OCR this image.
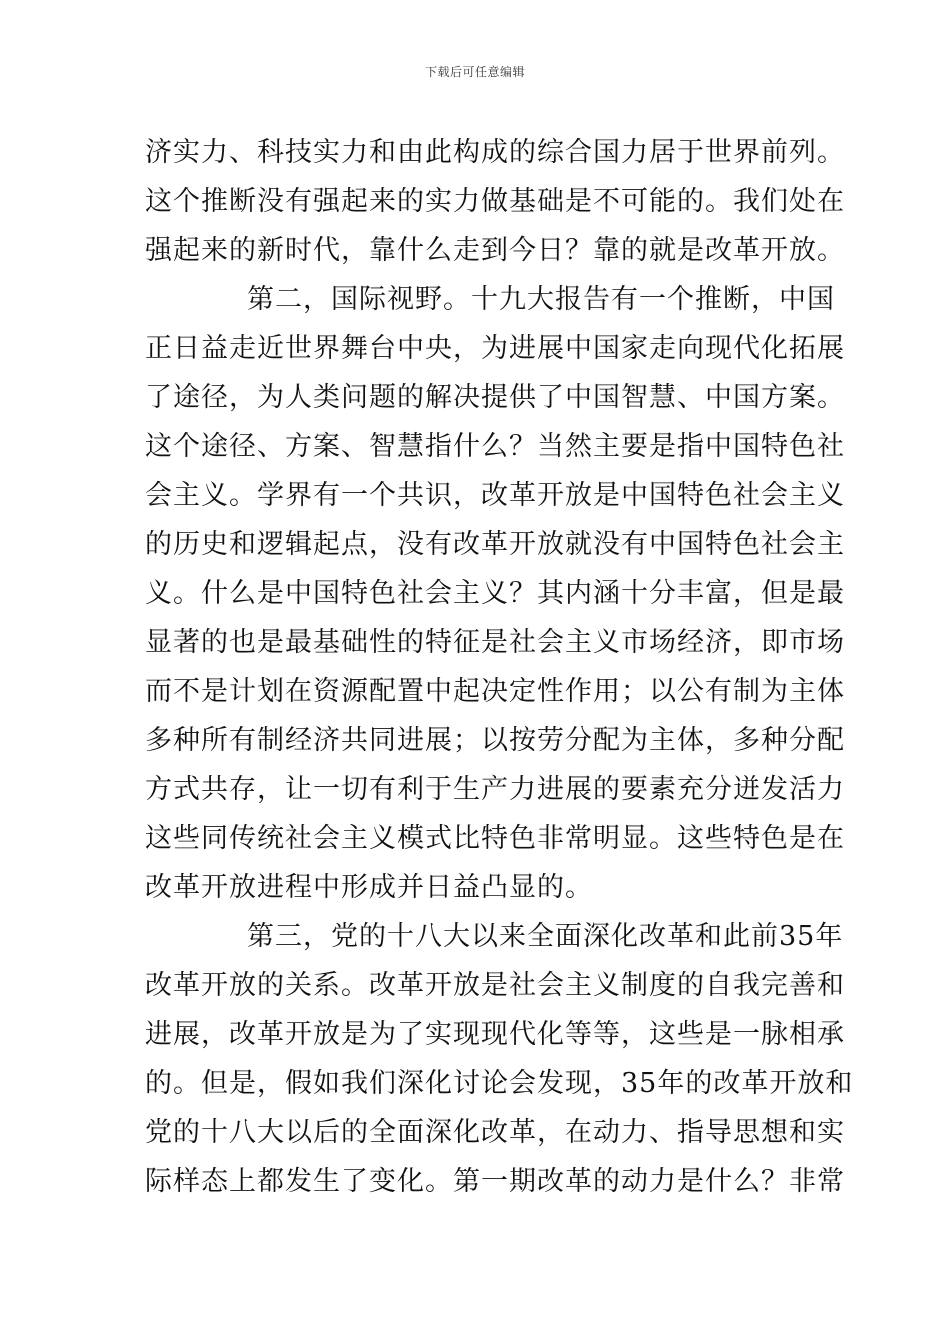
下载后可任意编辑
济实力、科技实力和由此构成的综合国力居于世界前列。
这个推断没有强起来的实力做基础是不可能的。我们处在
强起来的新时代，靠什么走到今日？靠的就是改革开放。
第二，国际视野。十九大报告有一个推断，中国
正日益走近世界舞台中央，为进展中国家走向现代化拓展
了途径，为人类问题的解决提供了中国智慧、中国方案。
这个途径、方案、智慧指什么？当然主要是指中国特色社
会主义。学界有一个共识，改革开放是中国特色社会主义
的历史和逻辑起点，没有改革开放就没有中国特色社会主
义。什么是中国特色社会主义？其内涵十分丰富，但是最
显著的也是最基础性的特征是社会主义市场经济，即市场
而不是计划在资源配置中起决定性作用；以公有制为主体
多种所有制经济共同进展；以按劳分配为主体，多种分配
方式共存，让一切有利于生产力进展的要素充分迸发活力
这些同传统社会主义模式比特色非常明显。这些特色是在
改革开放进程中形成并日益凸显的。
第三，党的十八大以来全面深化改革和此前35年
改革开放的关系。改革开放是社会主义制度的自我完善和
进展，改革开放是为了实现现代化等等，这些是一脉相承
的。但是，假如我们深化讨论会发现，35年的改革开放和
党的十八大以后的全面深化改革，在动力、指导思想和实
际样态上都发生了变化。第一期改革的动力是什么？非常
